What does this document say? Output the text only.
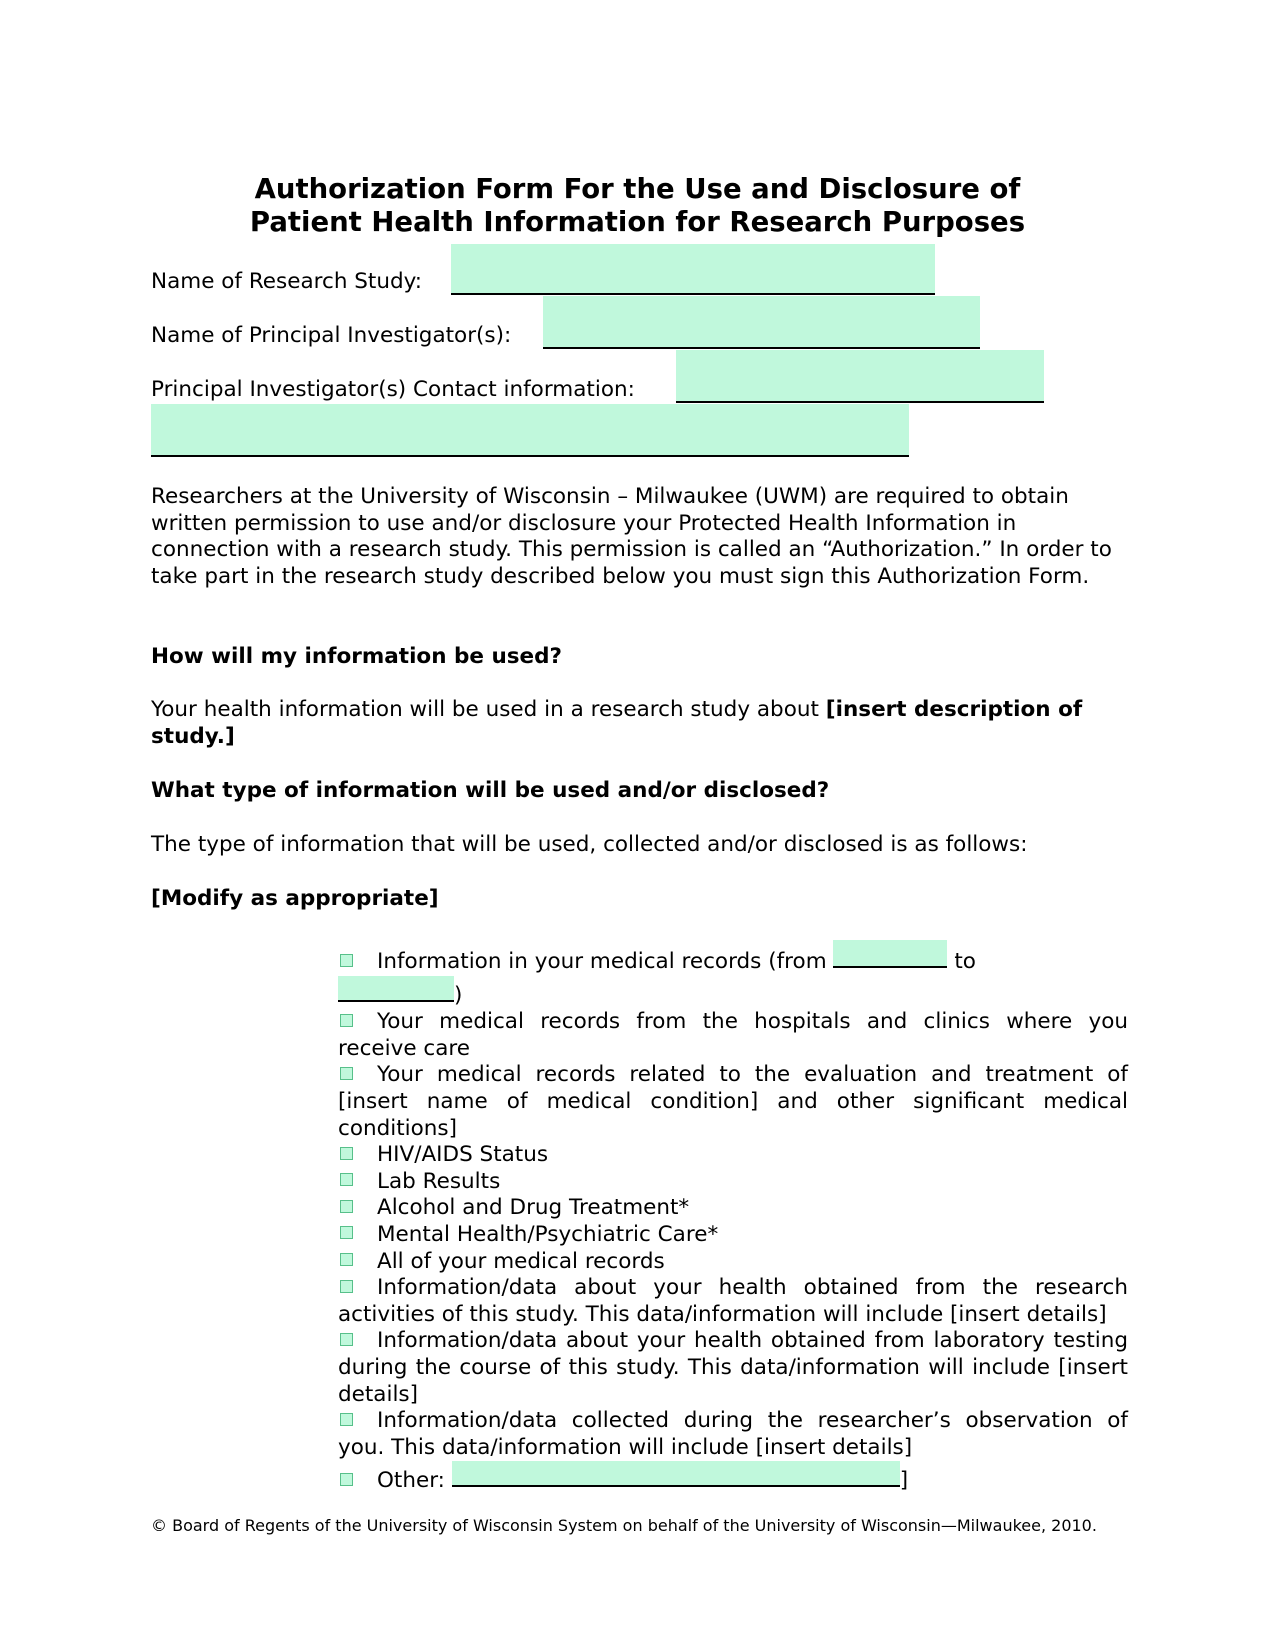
Authorization Form For the Use and Disclosure of
Patient Health Information for Research Purposes
Name of Research Study:
Name of Principal Investigator(s):
Principal Investigator(s) Contact information:

Researchers at the University of Wisconsin – Milwaukee (UWM) are required to obtain written permission to use and/or disclosure your Protected Health Information in connection with a research study. This permission is called an “Authorization.” In order to take part in the research study described below you must sign this Authorization Form.

How will my information be used?

Your health information will be used in a research study about [insert description of study.]

What type of information will be used and/or disclosed?

The type of information that will be used, collected and/or disclosed is as follows:

[Modify as appropriate]

Information in your medical records (from	to
)
Your medical records from the hospitals and clinics where you receive care
Your medical records related to the evaluation and treatment of [insert name of medical condition] and other significant medical conditions]
HIV/AIDS Status
Lab Results
Alcohol and Drug Treatment*
Mental Health/Psychiatric Care*
All of your medical records
Information/data about your health obtained from the research activities of this study. This data/information will include [insert details]
Information/data about your health obtained from laboratory testing during the course of this study. This data/information will include [insert details]
Information/data collected during the researcher’s observation of you. This data/information will include [insert details]
Other:	]
© Board of Regents of the University of Wisconsin System on behalf of the University of Wisconsin—Milwaukee, 2010.
